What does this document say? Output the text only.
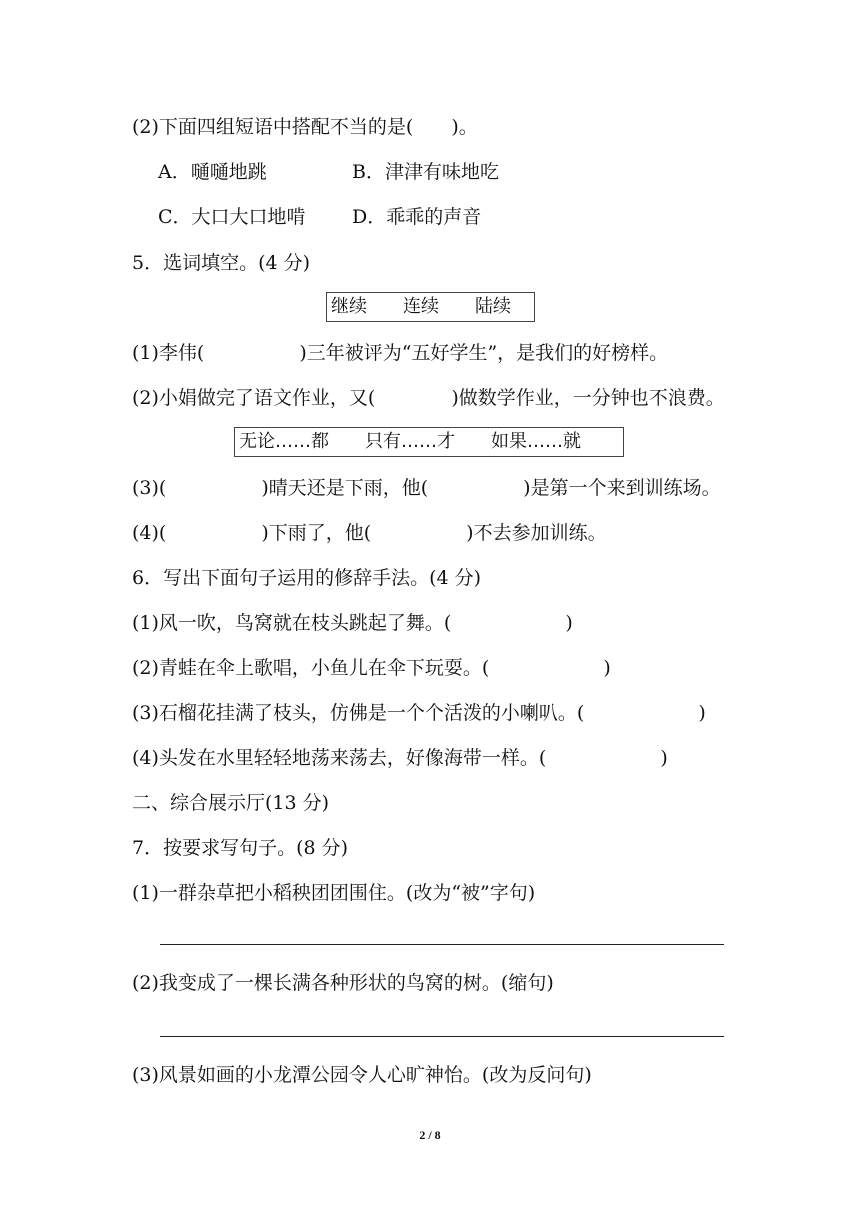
(2)下面四组短语中搭配不当的是(　　)。
A．嗵嗵地跳	B．津津有味地吃
C．大口大口地啃 D．乖乖的声音
5．选词填空。(4 分)
继续　　连续　　陆续
(1)李伟(　　　　　)三年被评为“五好学生”，是我们的好榜样。
(2)小娟做完了语文作业，又(　　　　)做数学作业，一分钟也不浪费。
无论……都　　只有……才　　如果……就
(3)(　　　　　)晴天还是下雨，他(　　　　　)是第一个来到训练场。
(4)(　　　　　)下雨了，他(　　　　　)不去参加训练。
6．写出下面句子运用的修辞手法。(4 分)
(1)风一吹，鸟窝就在枝头跳起了舞。(　　　　　　)
(2)青蛙在伞上歌唱，小鱼儿在伞下玩耍。(　　　　　　)
(3)石榴花挂满了枝头，仿佛是一个个活泼的小喇叭。(　　　　　　)
(4)头发在水里轻轻地荡来荡去，好像海带一样。(　　　　　　)
二、综合展示厅(13 分)
7．按要求写句子。(8 分)
(1)一群杂草把小稻秧团团围住。(改为“被”字句)
(2)我变成了一棵长满各种形状的鸟窝的树。(缩句)
(3)风景如画的小龙潭公园令人心旷神怡。(改为反问句)
2 / 8
